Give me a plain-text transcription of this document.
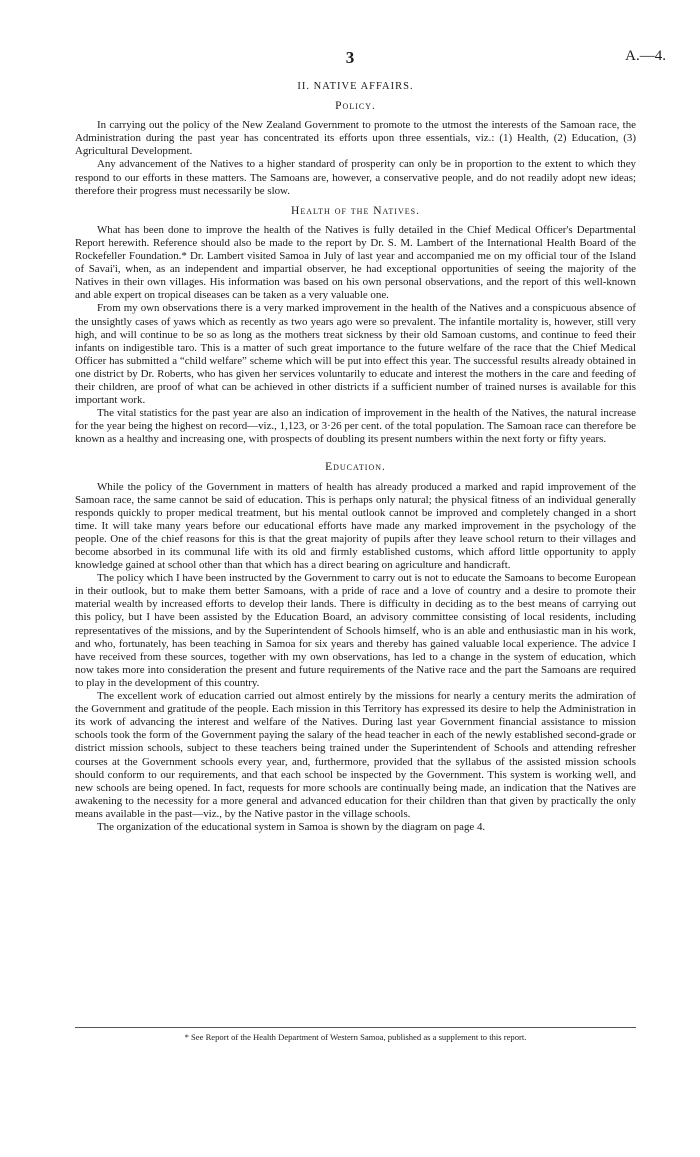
3	A.—4.
II. NATIVE AFFAIRS.
Policy.

In carrying out the policy of the New Zealand Government to promote to the utmost the interests of the Samoan race, the Administration during the past year has concentrated its efforts upon three essentials, viz.: (1) Health, (2) Education, (3) Agricultural Development.

Any advancement of the Natives to a higher standard of prosperity can only be in proportion to the extent to which they respond to our efforts in these matters. The Samoans are, however, a conservative people, and do not readily adopt new ideas; therefore their progress must necessarily be slow.

Health of the Natives.

What has been done to improve the health of the Natives is fully detailed in the Chief Medical Officer's Departmental Report herewith. Reference should also be made to the report by Dr. S. M. Lambert of the International Health Board of the Rockefeller Foundation.* Dr. Lambert visited Samoa in July of last year and accompanied me on my official tour of the Island of Savai'i, when, as an independent and impartial observer, he had exceptional opportunities of seeing the majority of the Natives in their own villages. His information was based on his own personal observations, and the report of this well-known and able expert on tropical diseases can be taken as a very valuable one.

From my own observations there is a very marked improvement in the health of the Natives and a conspicuous absence of the unsightly cases of yaws which as recently as two years ago were so prevalent. The infantile mortality is, however, still very high, and will continue to be so as long as the mothers treat sickness by their old Samoan customs, and continue to feed their infants on indigestible taro. This is a matter of such great importance to the future welfare of the race that the Chief Medical Officer has submitted a “child welfare” scheme which will be put into effect this year. The successful results already obtained in one district by Dr. Roberts, who has given her services voluntarily to educate and interest the mothers in the care and feeding of their children, are proof of what can be achieved in other districts if a sufficient number of trained nurses is available for this important work.

The vital statistics for the past year are also an indication of improvement in the health of the Natives, the natural increase for the year being the highest on record—viz., 1,123, or 3·26 per cent. of the total population. The Samoan race can therefore be known as a healthy and increasing one, with prospects of doubling its present numbers within the next forty or fifty years.

Education.

While the policy of the Government in matters of health has already produced a marked and rapid improvement of the Samoan race, the same cannot be said of education. This is perhaps only natural; the physical fitness of an individual generally responds quickly to proper medical treatment, but his mental outlook cannot be improved and completely changed in a short time. It will take many years before our educational efforts have made any marked improvement in the psychology of the people. One of the chief reasons for this is that the great majority of pupils after they leave school return to their villages and become absorbed in its communal life with its old and firmly established customs, which afford little opportunity to apply knowledge gained at school other than that which has a direct bearing on agriculture and handicraft.

The policy which I have been instructed by the Government to carry out is not to educate the Samoans to become European in their outlook, but to make them better Samoans, with a pride of race and a love of country and a desire to promote their material wealth by increased efforts to develop their lands. There is difficulty in deciding as to the best means of carrying out this policy, but I have been assisted by the Education Board, an advisory committee consisting of local residents, including representatives of the missions, and by the Superintendent of Schools himself, who is an able and enthusiastic man in his work, and who, fortunately, has been teaching in Samoa for six years and thereby has gained valuable local experience. The advice I have received from these sources, together with my own observations, has led to a change in the system of education, which now takes more into consideration the present and future requirements of the Native race and the part the Samoans are required to play in the development of this country.

The excellent work of education carried out almost entirely by the missions for nearly a century merits the admiration of the Government and gratitude of the people. Each mission in this Territory has expressed its desire to help the Administration in its work of advancing the interest and welfare of the Natives. During last year Government financial assistance to mission schools took the form of the Government paying the salary of the head teacher in each of the newly established second-grade or district mission schools, subject to these teachers being trained under the Superintendent of Schools and attending refresher courses at the Government schools every year, and, furthermore, provided that the syllabus of the assisted mission schools should conform to our requirements, and that each school be inspected by the Government. This system is working well, and new schools are being opened. In fact, requests for more schools are continually being made, an indication that the Natives are awakening to the necessity for a more general and advanced education for their children than that given by practically the only means available in the past—viz., by the Native pastor in the village schools.

The organization of the educational system in Samoa is shown by the diagram on page 4.

* See Report of the Health Department of Western Samoa, published as a supplement to this report.
